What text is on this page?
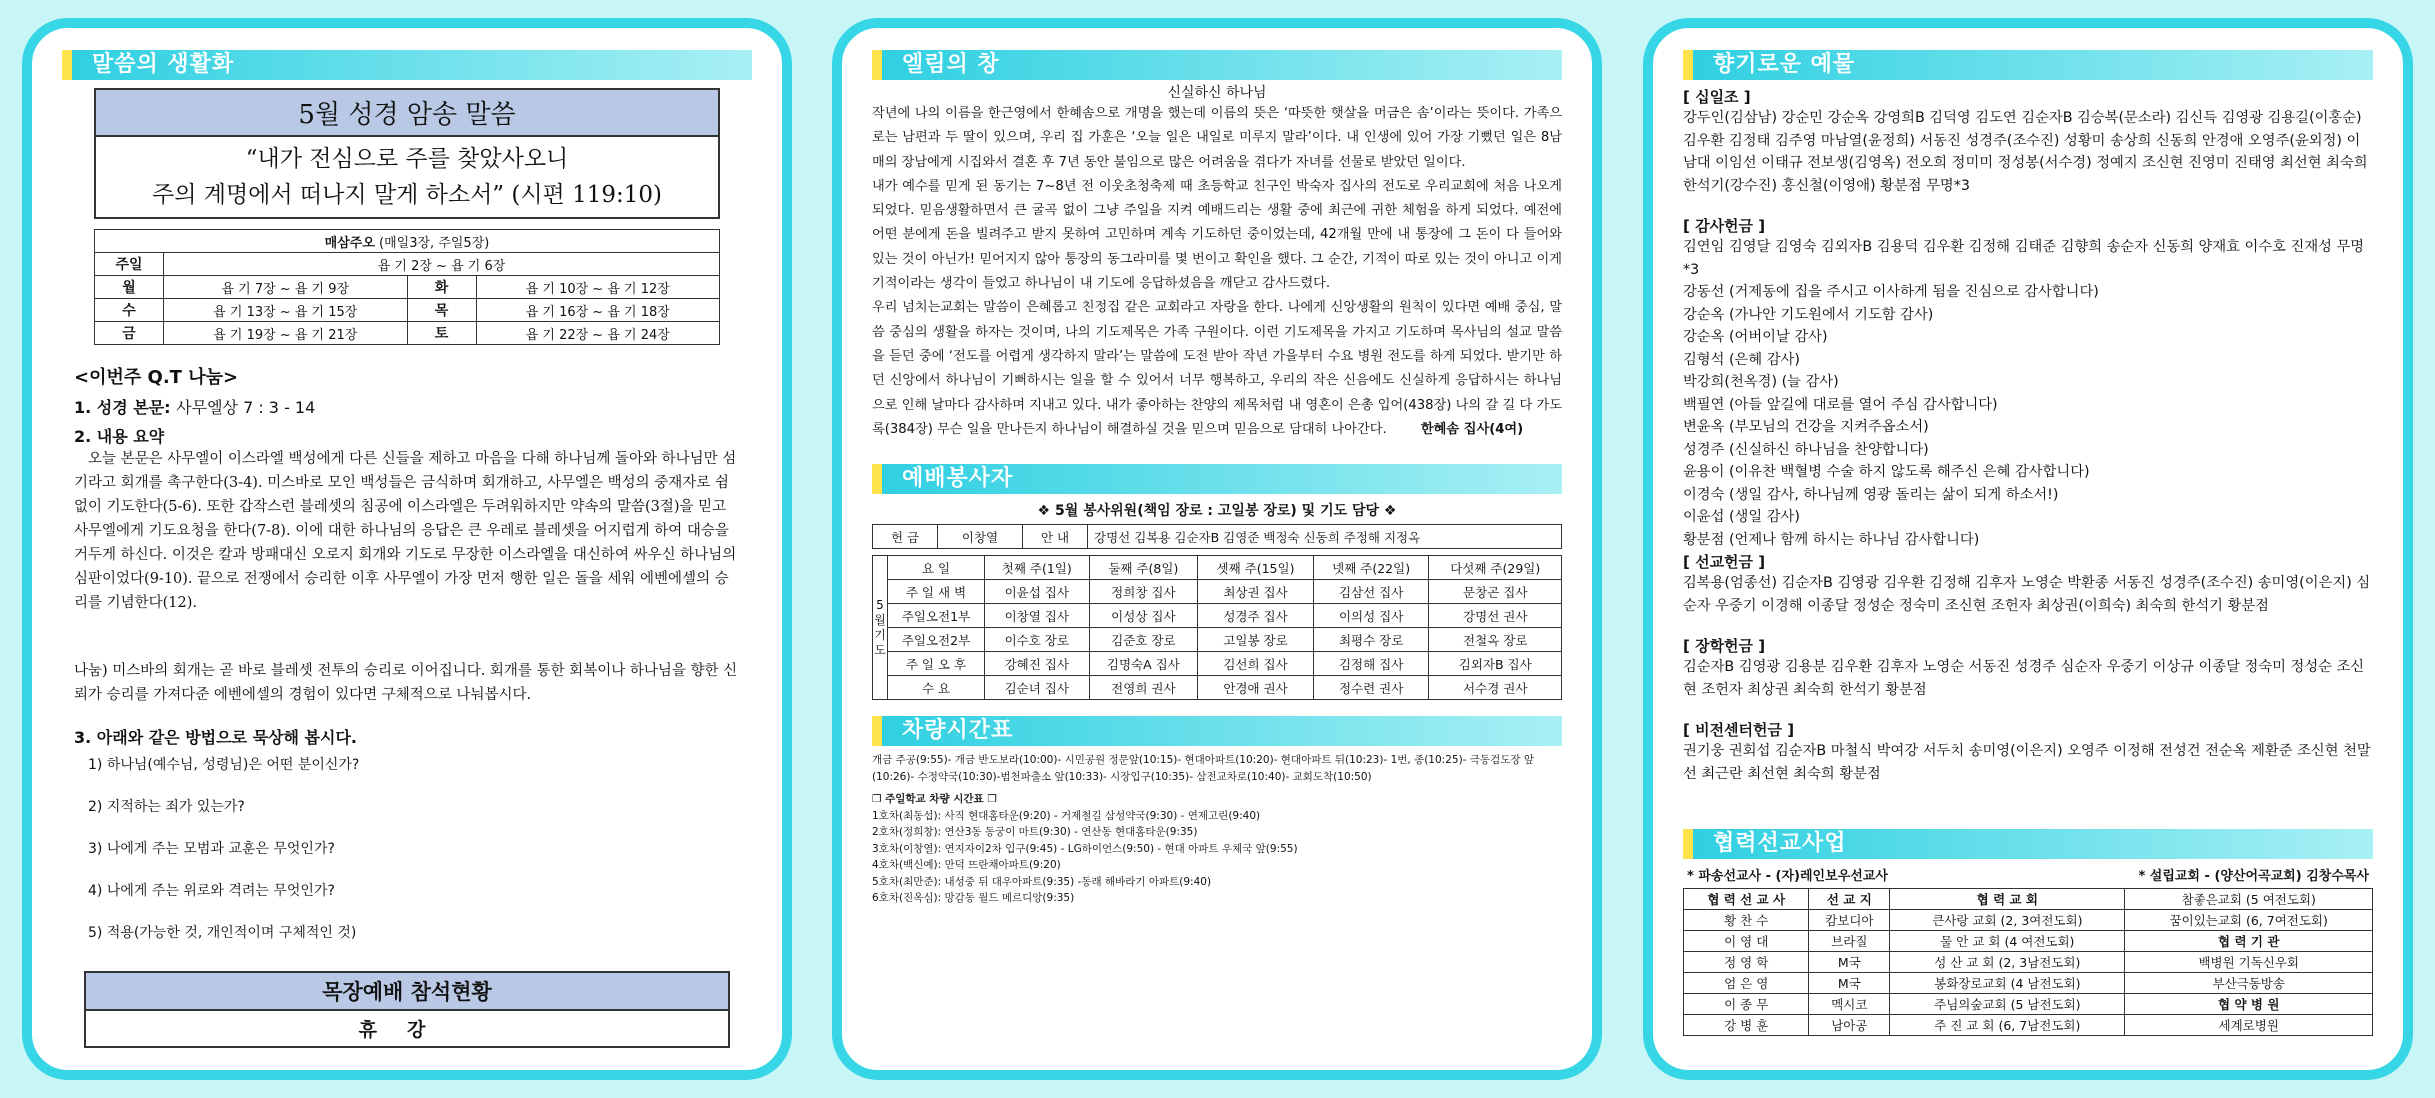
말씀의 생활화
5월 성경 암송 말씀
“내가 전심으로 주를 찾았사오니
주의 계명에서 떠나지 말게 하소서” (시편 119:10)
매삼주오 (매일3장, 주일5장)			
주일	욥 기 2장 ~ 욥 기 6장		
월	욥 기 7장 ~ 욥 기 9장	화	욥 기 10장 ~ 욥 기 12장
수	욥 기 13장 ~ 욥 기 15장	목	욥 기 16장 ~ 욥 기 18장
금	욥 기 19장 ~ 욥 기 21장	토	욥 기 22장 ~ 욥 기 24장
<이번주 Q.T 나눔>
1. 성경 본문: 사무엘상 7 : 3 - 14
2. 내용 요약
오늘 본문은 사무엘이 이스라엘 백성에게 다른 신들을 제하고 마음을 다해 하나님께 돌아와 하나님만 섬기라고 회개를 촉구한다(3-4). 미스바로 모인 백성들은 금식하며 회개하고, 사무엘은 백성의 중재자로 쉼 없이 기도한다(5-6). 또한 갑작스런 블레셋의 침공에 이스라엘은 두려워하지만 약속의 말씀(3절)을 믿고 사무엘에게 기도요청을 한다(7-8). 이에 대한 하나님의 응답은 큰 우레로 블레셋을 어지럽게 하여 대승을 거두게 하신다. 이것은 칼과 방패대신 오로지 회개와 기도로 무장한 이스라엘을 대신하여 싸우신 하나님의 심판이었다(9-10). 끝으로 전쟁에서 승리한 이후 사무엘이 가장 먼저 행한 일은 돌을 세워 에벤에셀의 승리를 기념한다(12).
나눔) 미스바의 회개는 곧 바로 블레셋 전투의 승리로 이어집니다. 회개를 통한 회복이나 하나님을 향한 신뢰가 승리를 가져다준 에벤에셀의 경험이 있다면 구체적으로 나눠봅시다.
3. 아래와 같은 방법으로 묵상해 봅시다.
1) 하나님(예수님, 성령님)은 어떤 분이신가?
2) 지적하는 죄가 있는가?
3) 나에게 주는 모범과 교훈은 무엇인가?
4) 나에게 주는 위로와 격려는 무엇인가?
5) 적용(가능한 것, 개인적이며 구체적인 것)
목장예배 참석현황
휴강
엘림의 창
신실하신 하나님
작년에 나의 이름을 한근영에서 한혜솜으로 개명을 했는데 이름의 뜻은 ‘따뜻한 햇살을 머금은 솜’이라는 뜻이다. 가족으로는 남편과 두 딸이 있으며, 우리 집 가훈은 ‘오늘 일은 내일로 미루지 말라’이다. 내 인생에 있어 가장 기뻤던 일은 8남매의 장남에게 시집와서 결혼 후 7년 동안 불임으로 많은 어려움을 겪다가 자녀를 선물로 받았던 일이다.
내가 예수를 믿게 된 동기는 7~8년 전 이웃초청축제 때 초등학교 친구인 박숙자 집사의 전도로 우리교회에 처음 나오게 되었다. 믿음생활하면서 큰 굴곡 없이 그냥 주일을 지켜 예배드리는 생활 중에 최근에 귀한 체험을 하게 되었다. 예전에 어떤 분에게 돈을 빌려주고 받지 못하여 고민하며 계속 기도하던 중이었는데, 42개월 만에 내 통장에 그 돈이 다 들어와 있는 것이 아닌가! 믿어지지 않아 통장의 동그라미를 몇 번이고 확인을 했다. 그 순간, 기적이 따로 있는 것이 아니고 이게 기적이라는 생각이 들었고 하나님이 내 기도에 응답하셨음을 깨닫고 감사드렸다.
우리 넘치는교회는 말씀이 은혜롭고 친정집 같은 교회라고 자랑을 한다. 나에게 신앙생활의 원칙이 있다면 예배 중심, 말씀 중심의 생활을 하자는 것이며, 나의 기도제목은 가족 구원이다. 이런 기도제목을 가지고 기도하며 목사님의 설교 말씀을 듣던 중에 ‘전도를 어렵게 생각하지 말라’는 말씀에 도전 받아 작년 가을부터 수요 병원 전도를 하게 되었다. 받기만 하던 신앙에서 하나님이 기뻐하시는 일을 할 수 있어서 너무 행복하고, 우리의 작은 신음에도 신실하게 응답하시는 하나님으로 인해 날마다 감사하며 지내고 있다. 내가 좋아하는 찬양의 제목처럼 내 영혼이 은총 입어(438장) 나의 갈 길 다 가도록(384장) 무슨 일을 만나든지 하나님이 해결하실 것을 믿으며 믿음으로 담대히 나아간다.	한혜솜 집사(4여)
예배봉사자
❖ 5월 봉사위원(책임 장로 : 고일봉 장로) 및 기도 담당 ❖
헌 금	이창열	안 내	강명선 김복용 김순자B 김영준 백정숙 신동희 주정해 지정옥
5월기도	요 일	첫째 주(1일)	둘째 주(8일)	셋째 주(15일)	넷째 주(22일)	다섯째 주(29일)
	주 일 새 벽	이윤섭 집사	정희창 집사	최상권 집사	김삼선 집사	문창곤 집사
	주일오전1부	이창열 집사	이성상 집사	성경주 집사	이의성 집사	강명선 권사
	주일오전2부	이수호 장로	김준호 장로	고일봉 장로	최평수 장로	전철옥 장로
	주 일 오 후	강혜진 집사	김명숙A 집사	김선희 집사	김정해 집사	김외자B 집사
	수 요	김순녀 집사	전영희 권사	안경애 권사	정수련 권사	서수경 권사
차량시간표
개금 주공(9:55)- 개금 반도보라(10:00)- 시민공원 정문앞(10:15)- 현대아파트(10:20)- 현대아파트 뒤(10:23)- 1번, 종(10:25)- 극동검도장 앞(10:26)- 수정약국(10:30)-범천파출소 앞(10:33)- 시장입구(10:35)- 삼전교차로(10:40)- 교회도착(10:50)
❒ 주일학교 차량 시간표 ❒
1호차(최동섭): 사직 현대홈타운(9:20) - 거제철길 삼성약국(9:30) - 연제고린(9:40)
2호차(정희창): 연산3동 동궁이 마트(9:30) - 연산동 현대홈타운(9:35)
3호차(이창열): 연지자이2차 입구(9:45) - LG하이언스(9:50) - 현대 아파트 우체국 앞(9:55)
4호차(백신예): 만덕 뜨란채아파트(9:20)
5호차(최만준): 내성중 뒤 대우아파트(9:35) -동래 해바라기 아파트(9:40)
6호차(진옥심): 망감동 월드 메르디앙(9:35)
향기로운 예물
[ 십일조 ]
강두인(김삼남) 강순민 강순옥 강영희B 김덕영 김도연 김순자B 김승복(문소라) 김신득 김영광 김용길(이홍순) 김우환 김정태 김주영 마남열(윤정희) 서동진 성경주(조수진) 성황미 송상희 신동희 안경애 오영주(윤외정) 이남대 이임선 이태규 전보생(김영옥) 전오희 정미미 정성봉(서수경) 정예지 조신현 진영미 진태영 최선현 최숙희 한석기(강수진) 홍신철(이영애) 황분점 무명*3
[ 감사헌금 ]
김연임 김영달 김영숙 김외자B 김용덕 김우환 김정해 김태준 김향희 송순자 신동희 양재효 이수호 진재성 무명*3
강동선 (거제동에 집을 주시고 이사하게 됨을 진심으로 감사합니다)
강순옥 (가나안 기도원에서 기도함 감사)
강순옥 (어버이날 감사)
김형석 (은혜 감사)
박강희(천옥경) (늘 감사)
백필연 (아들 앞길에 대로를 열어 주심 감사합니다)
변윤옥 (부모님의 건강을 지켜주옵소서)
성경주 (신실하신 하나님을 찬양합니다)
윤용이 (이유찬 백혈병 수술 하지 않도록 해주신 은혜 감사합니다)
이경숙 (생일 감사, 하나님께 영광 돌리는 삶이 되게 하소서!)
이윤섭 (생일 감사)
황분점 (언제나 함께 하시는 하나님 감사합니다)
[ 선교헌금 ]
김복용(엄종선) 김순자B 김영광 김우환 김정해 김후자 노영순 박환종 서동진 성경주(조수진) 송미영(이은지) 심순자 우중기 이경해 이종달 정성순 정숙미 조신현 조헌자 최상권(이희숙) 최숙희 한석기 황분점
[ 장학헌금 ]
김순자B 김영광 김용분 김우환 김후자 노영순 서동진 성경주 심순자 우중기 이상규 이종달 정숙미 정성순 조신현 조헌자 최상권 최숙희 한석기 황분점
[ 비전센터헌금 ]
권기웅 권회섭 김순자B 마철식 박여강 서두치 송미영(이은지) 오영주 이정해 전성건 전순옥 제환준 조신현 천말선 최근란 최선현 최숙희 황분점
협력선교사업
* 파송선교사 - (자)레인보우선교사	* 설립교회 - (양산어곡교회) 김창수목사
협 력 선 교 사	선 교 지	협 력 교 회	참좋은교회 (5 여전도회)
황 찬 수	캄보디아	큰사랑 교회 (2, 3여전도회)	꿈이있는교회 (6, 7여전도회)
이 영 대	브라질	물 안 교 회 (4 여전도회)	협 력 기 관
정 영 학	M국	성 산 교 회 (2, 3남전도회)	백병원 기독신우회
엄 은 영	M국	봉화장로교회 (4 남전도회)	부산극동방송
이 종 무	멕시코	주님의숲교회 (5 남전도회)	협 약 병 원
강 병 훈	남아공	주 진 교 회 (6, 7남전도회)	세계로병원
